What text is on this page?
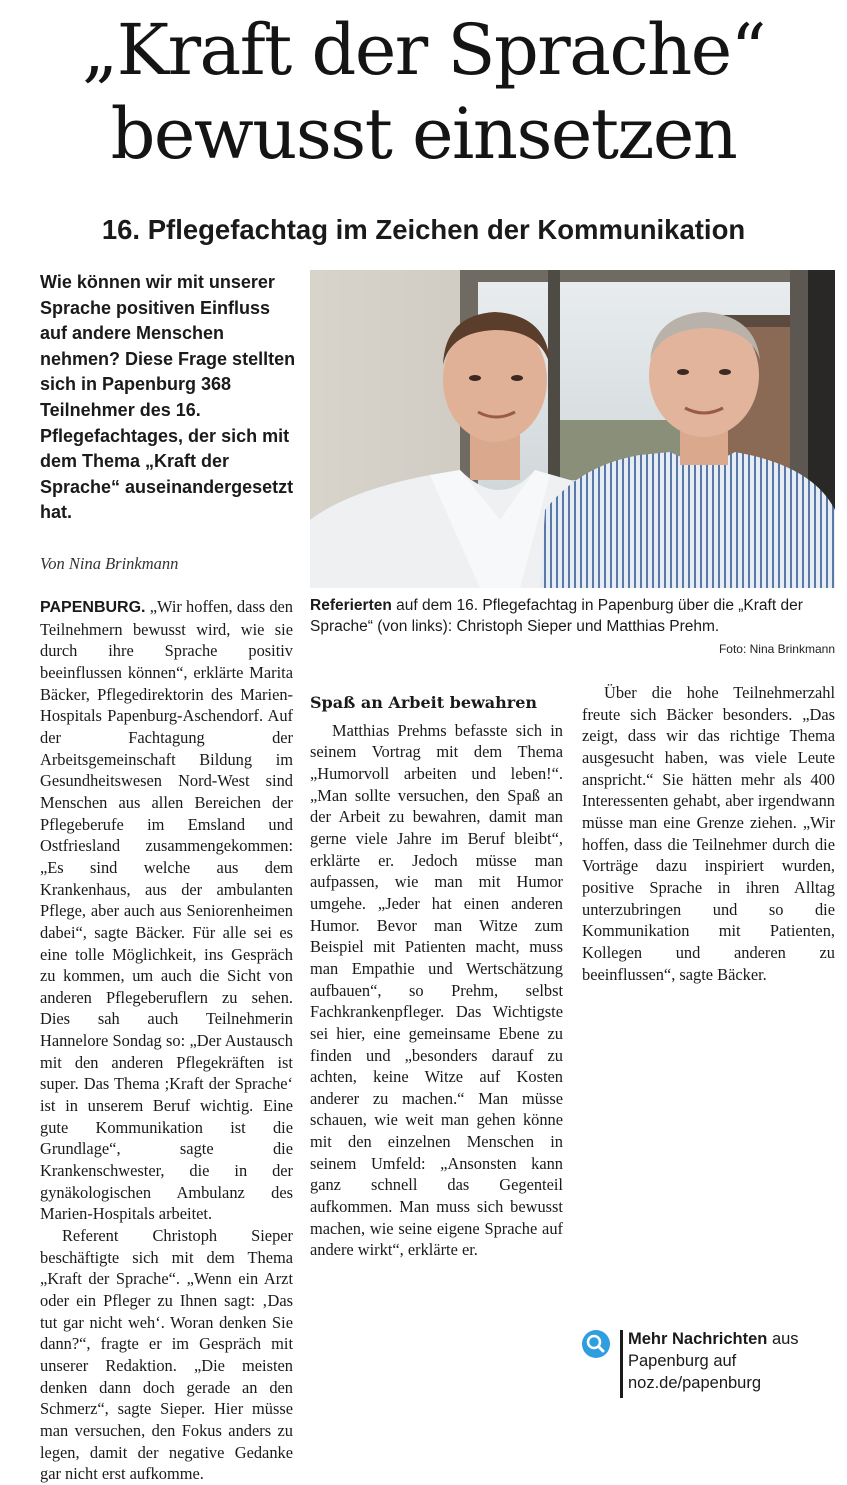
„Kraft der Sprache“
bewusst einsetzen
16. Pflegefachtag im Zeichen der Kommunikation

Wie können wir mit unserer Sprache positiven Einfluss auf andere Menschen nehmen? Diese Frage stellten sich in Papenburg 368 Teilnehmer des 16. Pflegefachtages, der sich mit dem Thema „Kraft der Sprache“ auseinandergesetzt hat.

Von Nina Brinkmann

Referierten auf dem 16. Pflegefachtag in Papenburg über die „Kraft der Sprache“ (von links): Christoph Sieper und Matthias Prehm.

Foto: Nina Brinkmann

PAPENBURG. „Wir hoffen, dass den Teilnehmern bewusst wird, wie sie durch ihre Sprache positiv beeinflussen können“, erklärte Marita Bäcker, Pflegedirektorin des Marien-Hospitals Papenburg-Aschendorf. Auf der Fachtagung der Arbeitsgemeinschaft Bildung im Gesundheitswesen Nord-West sind Menschen aus allen Bereichen der Pflegeberufe im Emsland und Ostfriesland zusammengekommen: „Es sind welche aus dem Krankenhaus, aus der ambulanten Pflege, aber auch aus Seniorenheimen dabei“, sagte Bäcker. Für alle sei es eine tolle Möglichkeit, ins Gespräch zu kommen, um auch die Sicht von anderen Pflegeberuflern zu sehen. Dies sah auch Teilnehmerin Hannelore Sondag so: „Der Austausch mit den anderen Pflegekräften ist super. Das Thema ;Kraft der Sprache‘ ist in unserem Beruf wichtig. Eine gute Kommunikation ist die Grundlage“, sagte die Krankenschwester, die in der gynäkologischen Ambulanz des Marien-Hospitals arbeitet.

Referent Christoph Sieper beschäftigte sich mit dem Thema „Kraft der Sprache“. „Wenn ein Arzt oder ein Pfleger zu Ihnen sagt: ‚Das tut gar nicht weh‘. Woran denken Sie dann?“, fragte er im Gespräch mit unserer Redaktion. „Die meisten denken dann doch gerade an den Schmerz“, sagte Sieper. Hier müsse man versuchen, den Fokus anders zu legen, damit der negative Gedanke gar nicht erst aufkomme.

Spaß an Arbeit bewahren

Matthias Prehms befasste sich in seinem Vortrag mit dem Thema „Humorvoll arbeiten und leben!“. „Man sollte versuchen, den Spaß an der Arbeit zu bewahren, damit man gerne viele Jahre im Beruf bleibt“, erklärte er. Jedoch müsse man aufpassen, wie man mit Humor umgehe. „Jeder hat einen anderen Humor. Bevor man Witze zum Beispiel mit Patienten macht, muss man Empathie und Wertschätzung aufbauen“, so Prehm, selbst Fachkrankenpfleger. Das Wichtigste sei hier, eine gemeinsame Ebene zu finden und „besonders darauf zu achten, keine Witze auf Kosten anderer zu machen.“ Man müsse schauen, wie weit man gehen könne mit den einzelnen Menschen in seinem Umfeld: „Ansonsten kann ganz schnell das Gegenteil aufkommen. Man muss sich bewusst machen, wie seine eigene Sprache auf andere wirkt“, erklärte er.

Über die hohe Teilnehmerzahl freute sich Bäcker besonders. „Das zeigt, dass wir das richtige Thema ausgesucht haben, was viele Leute anspricht.“ Sie hätten mehr als 400 Interessenten gehabt, aber irgendwann müsse man eine Grenze ziehen. „Wir hoffen, dass die Teilnehmer durch die Vorträge dazu inspiriert wurden, positive Sprache in ihren Alltag unterzubringen und so die Kommunikation mit Patienten, Kollegen und anderen zu beeinflussen“, sagte Bäcker.

Mehr Nachrichten aus Papenburg auf
noz.de/papenburg
